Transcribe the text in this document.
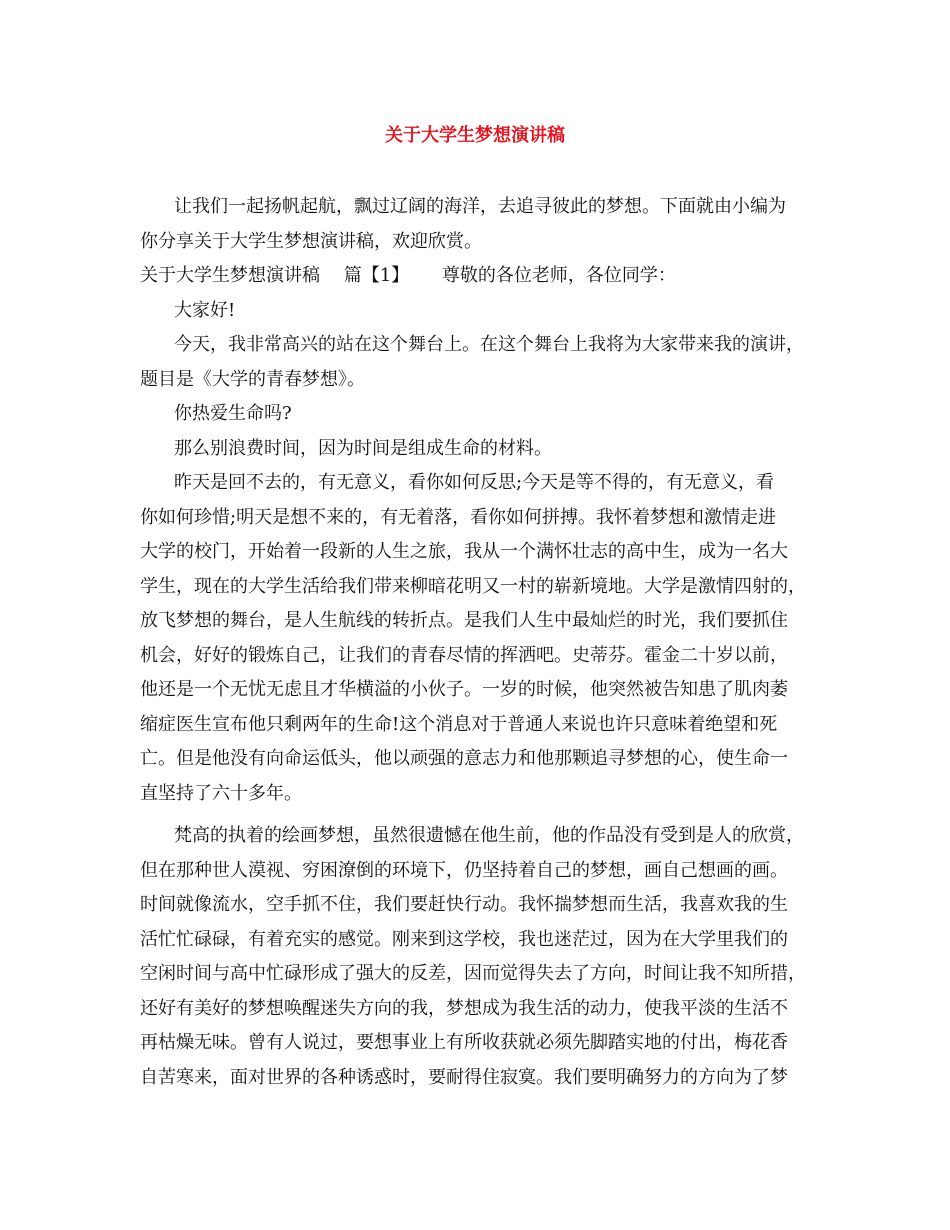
关于大学生梦想演讲稿
让我们一起扬帆起航，飘过辽阔的海洋，去追寻彼此的梦想。下面就由小编为
你分享关于大学生梦想演讲稿，欢迎欣赏。
关于大学生梦想演讲稿　 篇【1】　　 尊敬的各位老师，各位同学：
大家好!
今天，我非常高兴的站在这个舞台上。在这个舞台上我将为大家带来我的演讲，
题目是《大学的青春梦想》。
你热爱生命吗?
那么别浪费时间，因为时间是组成生命的材料。
昨天是回不去的，有无意义，看你如何反思;今天是等不得的，有无意义，看
你如何珍惜;明天是想不来的，有无着落，看你如何拼搏。我怀着梦想和激情走进
大学的校门，开始着一段新的人生之旅，我从一个满怀壮志的高中生，成为一名大
学生，现在的大学生活给我们带来柳暗花明又一村的崭新境地。大学是激情四射的，
放飞梦想的舞台，是人生航线的转折点。是我们人生中最灿烂的时光，我们要抓住
机会，好好的锻炼自己，让我们的青春尽情的挥洒吧。史蒂芬。霍金二十岁以前，
他还是一个无忧无虑且才华横溢的小伙子。一岁的时候，他突然被告知患了肌肉萎
缩症医生宣布他只剩两年的生命!这个消息对于普通人来说也许只意味着绝望和死
亡。但是他没有向命运低头，他以顽强的意志力和他那颗追寻梦想的心，使生命一
直坚持了六十多年。
梵高的执着的绘画梦想，虽然很遗憾在他生前，他的作品没有受到是人的欣赏，
但在那种世人漠视、穷困潦倒的环境下，仍坚持着自己的梦想，画自己想画的画。
时间就像流水，空手抓不住，我们要赶快行动。我怀揣梦想而生活，我喜欢我的生
活忙忙碌碌，有着充实的感觉。刚来到这学校，我也迷茫过，因为在大学里我们的
空闲时间与高中忙碌形成了强大的反差，因而觉得失去了方向，时间让我不知所措，
还好有美好的梦想唤醒迷失方向的我，梦想成为我生活的动力，使我平淡的生活不
再枯燥无味。曾有人说过，要想事业上有所收获就必须先脚踏实地的付出，梅花香
自苦寒来，面对世界的各种诱惑时，要耐得住寂寞。我们要明确努力的方向为了梦
